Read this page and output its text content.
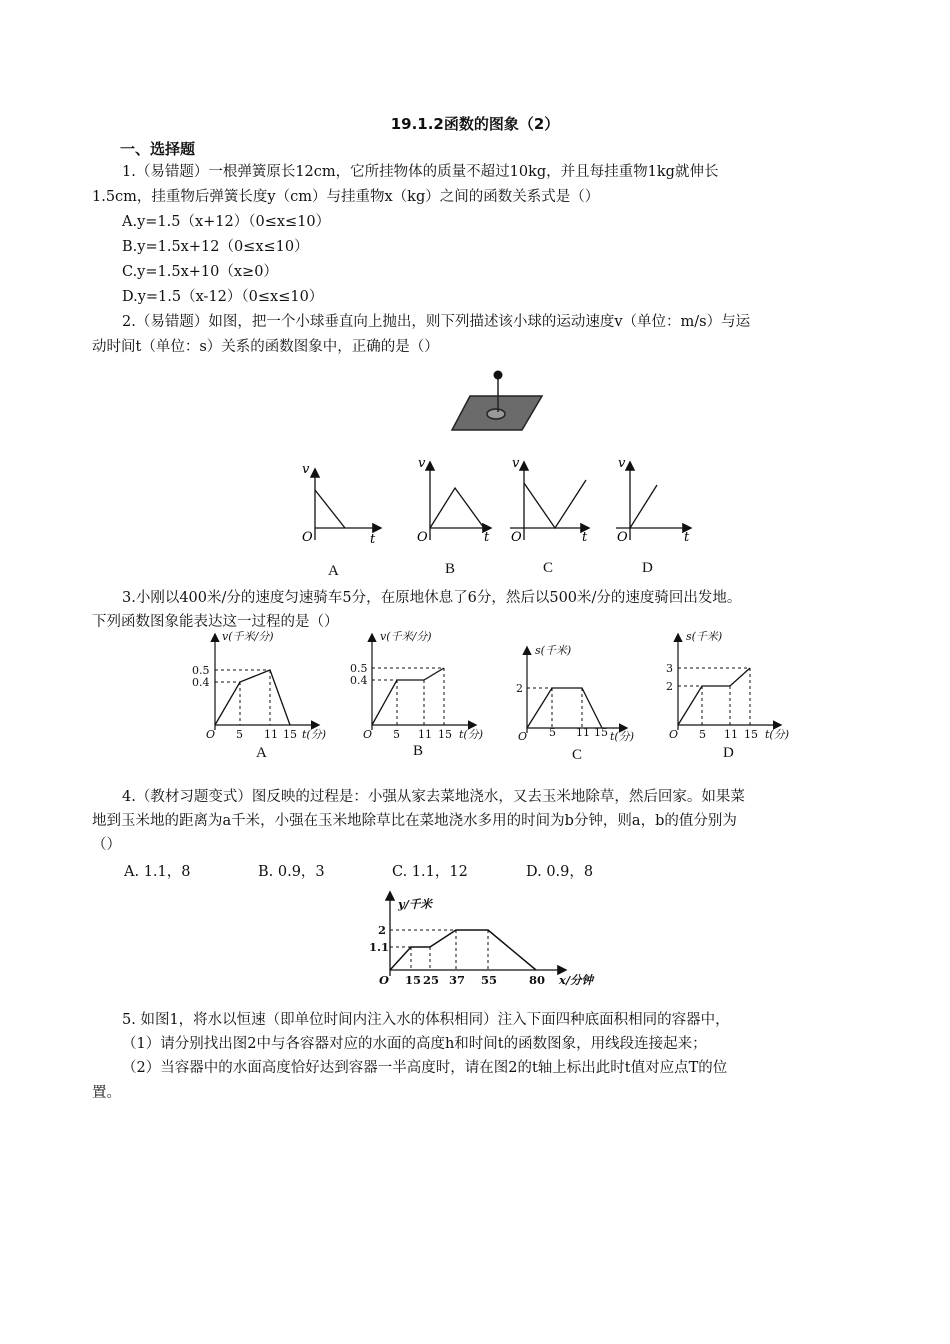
19.1.2函数的图象（2）
一、选择题
1.（易错题）一根弹簧原长12cm，它所挂物体的质量不超过10kg，并且每挂重物1kg就伸长
1.5cm，挂重物后弹簧长度y（cm）与挂重物x（kg）之间的函数关系式是（）
A.y=1.5（x+12）（0≤x≤10）
B.y=1.5x+12（0≤x≤10）
C.y=1.5x+10（x≥0）
D.y=1.5（x-12）（0≤x≤10）
2.（易错题）如图，把一个小球垂直向上抛出，则下列描述该小球的运动速度v（单位：m/s）与运
动时间t（单位：s）关系的函数图象中，正确的是（）
v
t
O
v
t
O
v
t
O
v
t
O
A	B	C	D
3.小刚以400米/分的速度匀速骑车5分，在原地休息了6分，然后以500米/分的速度骑回出发地。
下列函数图象能表达这一过程的是（）
v(千米/分)
0.5
0.4
O 5 11 15 t(分)
v(千米/分)
0.5
0.4
O 5 11 15 t(分)
s(千米)
2
O 5 11 15 t(分)
s(千米)
3
2
O 5 11 15 t(分)
A	B	C	D
4.（教材习题变式）图反映的过程是：小强从家去菜地浇水，又去玉米地除草，然后回家。如果菜
地到玉米地的距离为a千米，小强在玉米地除草比在菜地浇水多用的时间为b分钟，则a，b的值分别为
（）
A. 1.1，8	B. 0.9，3	C. 1.1，12	D. 0.9，8
y/千米
2
1.1
O 15 25 37 55	80 x/分钟
5. 如图1，将水以恒速（即单位时间内注入水的体积相同）注入下面四种底面积相同的容器中，
（1）请分别找出图2中与各容器对应的水面的高度h和时间t的函数图象，用线段连接起来；
（2）当容器中的水面高度恰好达到容器一半高度时，请在图2的t轴上标出此时t值对应点T的位
置。
